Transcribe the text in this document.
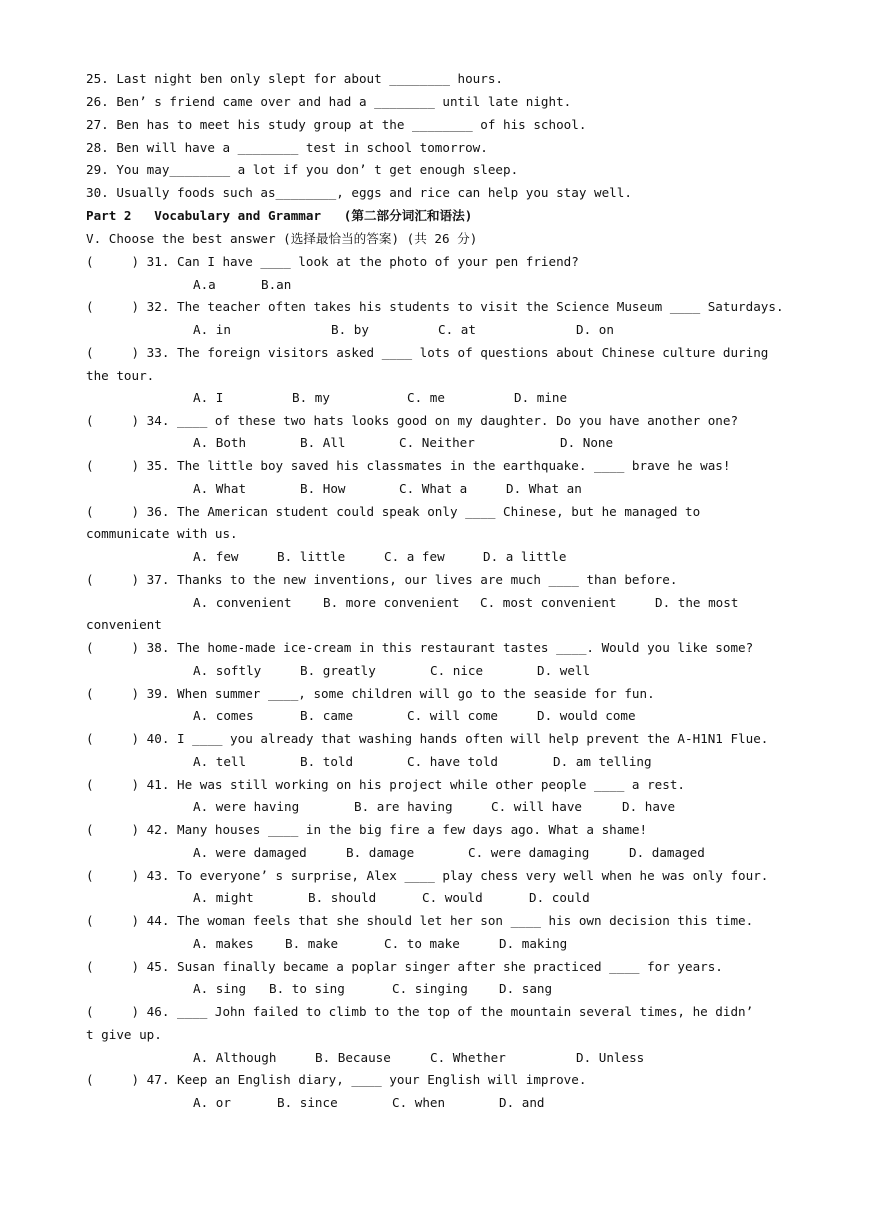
25. Last night ben only slept for about ________ hours.
26. Ben’ s friend came over and had a ________ until late night.
27. Ben has to meet his study group at the ________ of his school.
28. Ben will have a ________ test in school tomorrow.
29. You may________ a lot if you don’ t get enough sleep.
30. Usually foods such as________, eggs and rice can help you stay well.
Part 2   Vocabulary and Grammar   (第二部分词汇和语法)
V. Choose the best answer (选择最恰当的答案) (共 26 分)
(     ) 31. Can I have ____ look at the photo of your pen friend?
A.a	B.an
(     ) 32. The teacher often takes his students to visit the Science Museum ____ Saturdays.
A. in	B. by	C. at	D. on
(     ) 33. The foreign visitors asked ____ lots of questions about Chinese culture during
the tour.
A. I	B. my	C. me	D. mine
(     ) 34. ____ of these two hats looks good on my daughter. Do you have another one?
A. Both	B. All	C. Neither	D. None
(     ) 35. The little boy saved his classmates in the earthquake. ____ brave he was!
A. What	B. How	C. What a	D. What an
(     ) 36. The American student could speak only ____ Chinese, but he managed to
communicate with us.
A. few	B. little	C. a few	D. a little
(     ) 37. Thanks to the new inventions, our lives are much ____ than before.
A. convenient B. more convenient C. most convenient	D. the most
convenient
(     ) 38. The home-made ice-cream in this restaurant tastes ____. Would you like some?
A. softly	B. greatly	C. nice	D. well
(     ) 39. When summer ____, some children will go to the seaside for fun.
A. comes	B. came	C. will come	D. would come
(     ) 40. I ____ you already that washing hands often will help prevent the A-H1N1 Flue.
A. tell	B. told	C. have told	D. am telling
(     ) 41. He was still working on his project while other people ____ a rest.
A. were having	B. are having	C. will have	D. have
(     ) 42. Many houses ____ in the big fire a few days ago. What a shame!
A. were damaged	B. damage	C. were damaging	D. damaged
(     ) 43. To everyone’ s surprise, Alex ____ play chess very well when he was only four.
A. might	B. should	C. would	D. could
(     ) 44. The woman feels that she should let her son ____ his own decision this time.
A. makes B. make	C. to make	D. making
(     ) 45. Susan finally became a poplar singer after she practiced ____ for years.
A. sing B. to sing	C. singing D. sang
(     ) 46. ____ John failed to climb to the top of the mountain several times, he didn’
t give up.
A. Although	B. Because	C. Whether	D. Unless
(     ) 47. Keep an English diary, ____ your English will improve.
A. or	B. since	C. when	D. and
